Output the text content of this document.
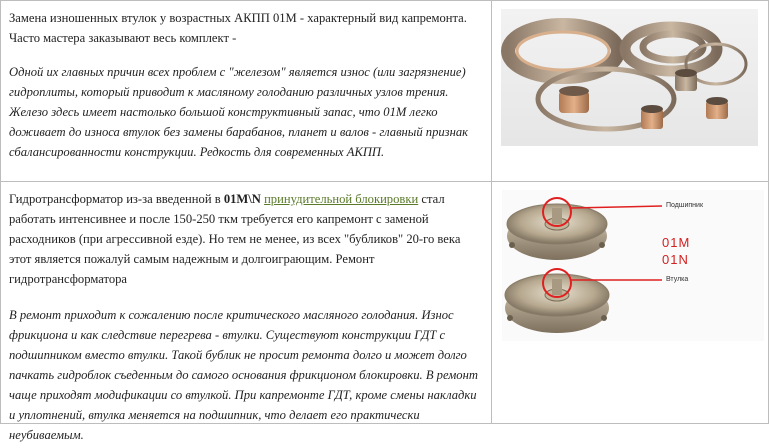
Замена изношенных втулок у возрастных АКПП 01M - характерный вид капремонта. Часто мастера заказывают весь комплект -

Одной их главных причин всех проблем с "железом" является износ (или загрязнение) гидроплиты, который приводит к масляному голоданию различных узлов трения. Железо здесь имеет настолько большой конструктивный запас, что 01M легко доживает до износа втулок без замены барабанов, планет и валов - главный признак сбалансированности конструкции. Редкость для современных АКПП.

Гидротрансформатор из-за введенной в 01M\N принудительной блокировки стал работать интенсивнее и после 150-250 ткм требуется его капремонт с заменой расходников (при агрессивной езде). Но тем не менее, из всех "бубликов" 20-го века этот является пожалуй самым надежным и долгоиграющим. Ремонт гидротрансформатора

В ремонт приходит к сожалению после критического масляного голодания. Износ фрикциона и как следствие перегрева - втулки. Существуют конструкции ГДТ с подшипником вместо втулки. Такой бублик не просит ремонта долго и может долго пачкать гидроблок съеденным до самого основания фрикционом блокировки. В ремонт чаще приходят модификации со втулкой. При капремонте ГДТ, кроме смены накладки и уплотнений, втулка меняется на подшипник, что делает его практически неубиваемым.

Подшипник
Втулка
01M
01N
